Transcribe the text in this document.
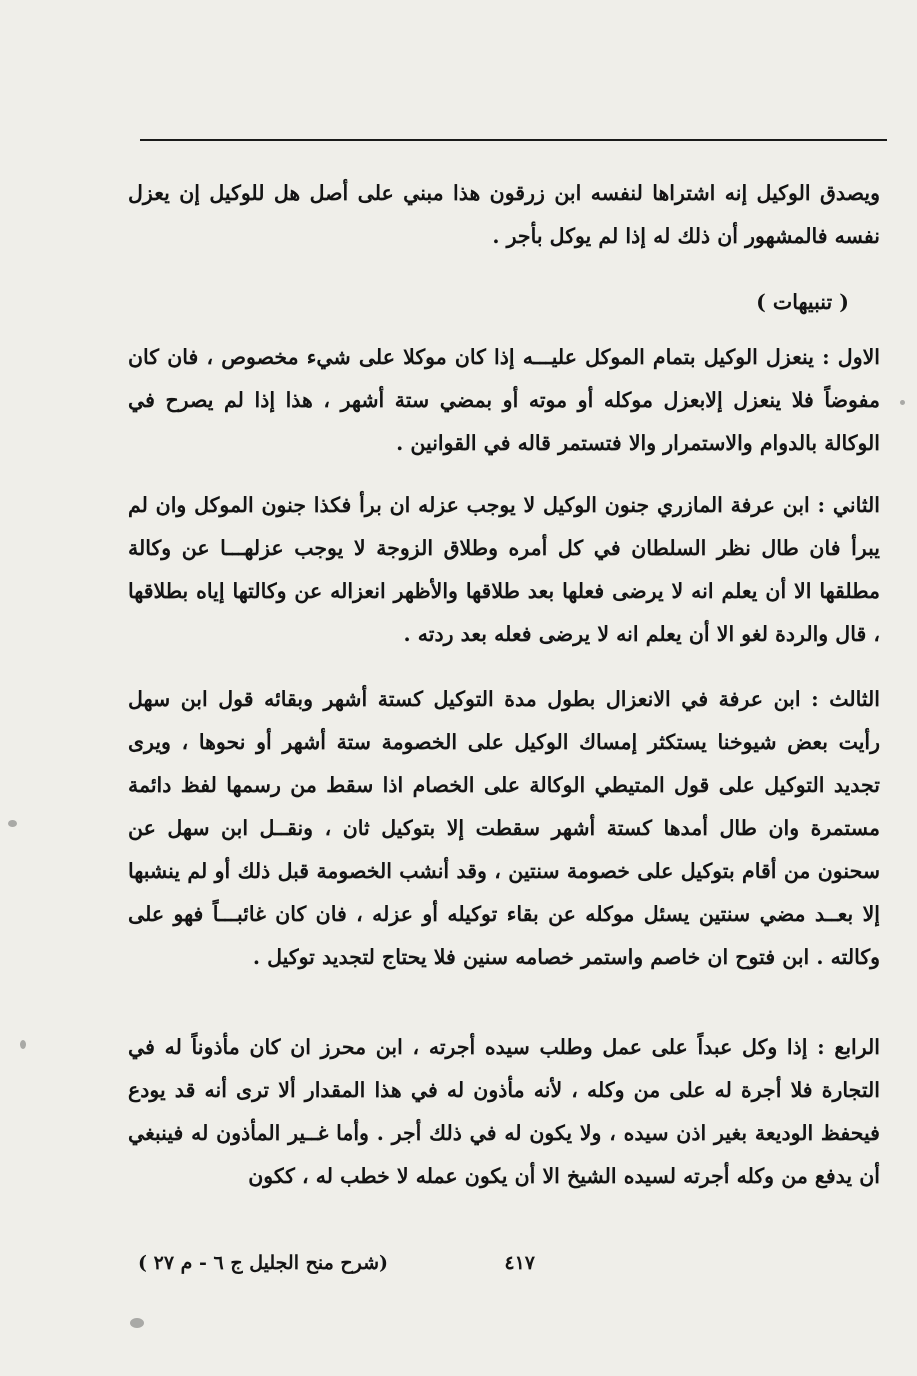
ويصدق الوكيل إنه اشتراها لنفسه ابن زرقون هذا مبني على أصل هل للوكيل إن يعزل نفسه فالمشهور أن ذلك له إذا لم يوكل بأجر .

( تنبيهات )

الاول : ينعزل الوكيل بتمام الموكل عليـــه إذا كان موكلا على شيء مخصوص ، فان كان مفوضاً فلا ينعزل إلابعزل موكله أو موته أو بمضي ستة أشهر ، هذا إذا لم يصرح في الوكالة بالدوام والاستمرار والا فتستمر قاله في القوانين .

الثاني : ابن عرفة المازري جنون الوكيل لا يوجب عزله ان برأ فكذا جنون الموكل وان لم يبرأ فان طال نظر السلطان في كل أمره وطلاق الزوجة لا يوجب عزلهـــا عن وكالة مطلقها الا أن يعلم انه لا يرضى فعلها بعد طلاقها والأظهر انعزاله عن وكالتها إياه بطلاقها ، قال والردة لغو الا أن يعلم انه لا يرضى فعله بعد ردته .

الثالث : ابن عرفة في الانعزال بطول مدة التوكيل كستة أشهر وبقائه قول ابن سهل رأيت بعض شيوخنا يستكثر إمساك الوكيل على الخصومة ستة أشهر أو نحوها ، ويرى تجديد التوكيل على قول المتيطي الوكالة على الخصام اذا سقط من رسمها لفظ دائمة مستمرة وان طال أمدها كستة أشهر سقطت إلا بتوكيل ثان ، ونقــل ابن سهل عن سحنون من أقام بتوكيل على خصومة سنتين ، وقد أنشب الخصومة قبل ذلك أو لم ينشبها إلا بعــد مضي سنتين يسئل موكله عن بقاء توكيله أو عزله ، فان كان غائبـــاً فهو على وكالته . ابن فتوح ان خاصم واستمر خصامه سنين فلا يحتاج لتجديد توكيل .

الرابع : إذا وكل عبداً على عمل وطلب سيده أجرته ، ابن محرز ان كان مأذوناً له في التجارة فلا أجرة له على من وكله ، لأنه مأذون له في هذا المقدار ألا ترى أنه قد يودع فيحفظ الوديعة بغير اذن سيده ، ولا يكون له في ذلك أجر . وأما غــير المأذون له فينبغي أن يدفع من وكله أجرته لسيده الشيخ الا أن يكون عمله لا خطب له ، ككون

٤١٧
(شرح منح الجليل ج ٦ - م ٢٧ )
